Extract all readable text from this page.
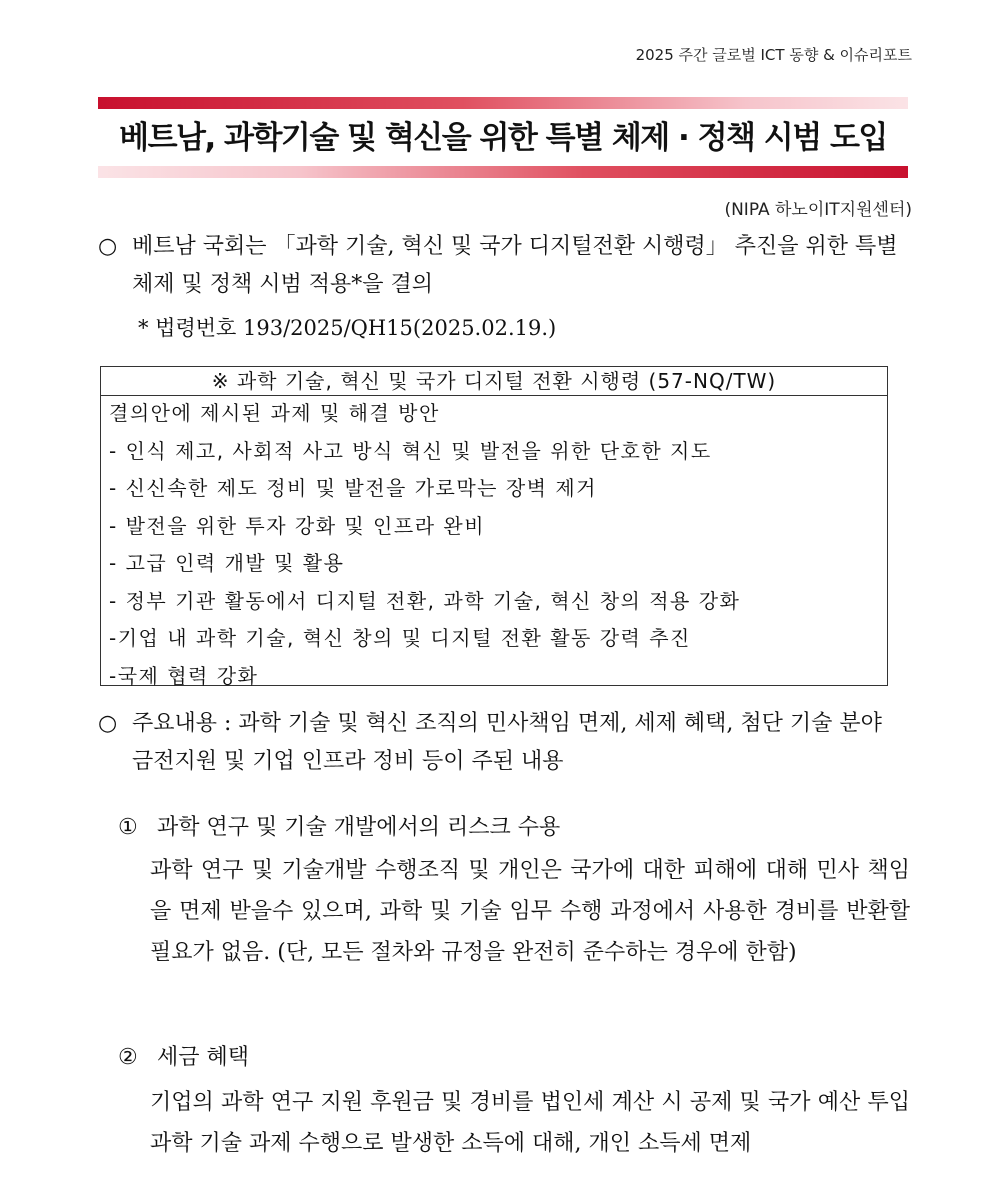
2025 주간 글로벌 ICT 동향 & 이슈리포트
베트남, 과학기술 및 혁신을 위한 특별 체제 · 정책 시범 도입
(NIPA 하노이IT지원센터)
○ 베트남 국회는 「과학 기술, 혁신 및 국가 디지털전환 시행령」 추진을 위한 특별 체제 및 정책 시범 적용*을 결의
* 법령번호 193/2025/QH15(2025.02.19.)
※ 과학 기술, 혁신 및 국가 디지털 전환 시행령 (57-NQ/TW)
결의안에 제시된 과제 및 해결 방안
- 인식 제고, 사회적 사고 방식 혁신 및 발전을 위한 단호한 지도
- 신신속한 제도 정비 및 발전을 가로막는 장벽 제거
- 발전을 위한 투자 강화 및 인프라 완비
- 고급 인력 개발 및 활용
- 정부 기관 활동에서 디지털 전환, 과학 기술, 혁신 창의 적용 강화
-기업 내 과학 기술, 혁신 창의 및 디지털 전환 활동 강력 추진
-국제 협력 강화
○ 주요내용 : 과학 기술 및 혁신 조직의 민사책임 면제, 세제 혜택, 첨단 기술 분야 금전지원 및 기업 인프라 정비 등이 주된 내용
① 과학 연구 및 기술 개발에서의 리스크 수용
과학 연구 및 기술개발 수행조직 및 개인은 국가에 대한 피해에 대해 민사 책임을 면제 받을수 있으며, 과학 및 기술 임무 수행 과정에서 사용한 경비를 반환할 필요가 없음. (단, 모든 절차와 규정을 완전히 준수하는 경우에 한함)
② 세금 혜택
기업의 과학 연구 지원 후원금 및 경비를 법인세 계산 시 공제 및 국가 예산 투입 과학 기술 과제 수행으로 발생한 소득에 대해, 개인 소득세 면제
